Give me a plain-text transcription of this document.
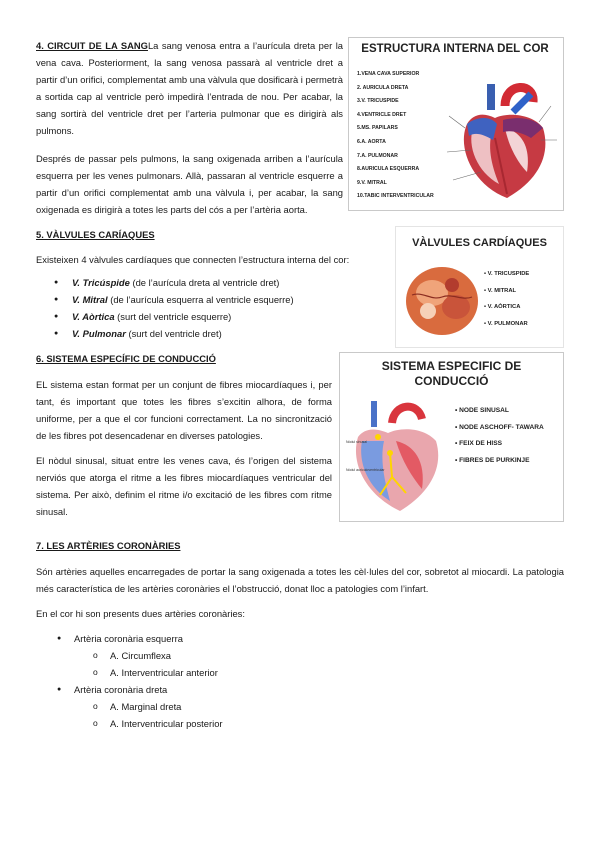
4. CIRCUIT DE LA SANGLa sang venosa entra a l’aurícula dreta per la vena cava. Posteriorment, la sang venosa passarà al ventricle dret a partir d’un orifici, complementat amb una vàlvula que dosificarà i permetrà a sortida cap al ventricle però impedirà l’entrada de nou. Per acabar, la sang sortirà del ventricle dret per l’arteria pulmonar que es dirigirà als pulmons.

Després de passar pels pulmons, la sang oxigenada arriben a l’aurícula esquerra per les venes pulmonars. Allà, passaran al ventricle esquerre a partir d’un orifici complementat amb una vàlvula i, per acabar, la sang oxigenada es dirigirà a totes les parts del cós a per l’artèria aorta.

ESTRUCTURA INTERNA DEL COR
1.VENA CAVA SUPERIOR
2. AURICULA DRETA
3.V. TRICUSPIDE
4.VENTRICLE DRET
5.MS. PAPILARS
6.A. AORTA
7.A. PULMONAR
8.AURICULA ESQUERRA
9.V. MITRAL
10.TABIC INTERVENTRICULAR
5. VÀLVULES CARÍAQUES

Existeixen 4 vàlvules cardíaques que connecten l’estructura interna del cor:

● V. Tricúspide (de l’aurícula dreta al ventricle dret)
● V. Mitral (de l’aurícula esquerra al ventricle esquerre)
● V. Aòrtica (surt del ventricle esquerre)
● V. Pulmonar (surt del ventricle dret)
VÀLVULES CARDÍAQUES
• V. TRICUSPIDE
• V. MITRAL
• V. AÒRTICA
• V. PULMONAR
6. SISTEMA ESPECÍFIC DE CONDUCCIÓ

EL sistema estan format per un conjunt de fibres miocardíaques i, per tant, és important que totes les fibres s’excitin alhora, de forma uniforme, per a que el cor funcioni correctament. La no sincronització de les fibres pot desencadenar en diverses patologies.

El nòdul sinusal, situat entre les venes cava, és l’origen del sistema nerviós que atorga el ritme a les fibres miocardíaques ventricular del sistema. Per això, definim el ritme i/o excitació de les fibres com ritme sinusal.

SISTEMA ESPECIFIC DE CONDUCCIÓ
Nòdul sinusal
Nòdul auriculoventricular
• NODE SINUSAL
• NODE ASCHOFF- TAWARA
• FEIX DE HISS
• FIBRES DE PURKINJE
7. LES ARTÈRIES CORONÀRIES

Són artèries aquelles encarregades de portar la sang oxigenada a totes les cèl·lules del cor, sobretot al miocardi. La patologia més característica de les artèries coronàries el l’obstrucció, donat lloc a patologies com l’infart.

En el cor hi son presents dues artèries coronàries:

● Artèria coronària esquerra
o A. Circumflexa
o A. Interventricular anterior
● Artèria coronària dreta
o A. Marginal dreta
o A. Interventricular posterior
